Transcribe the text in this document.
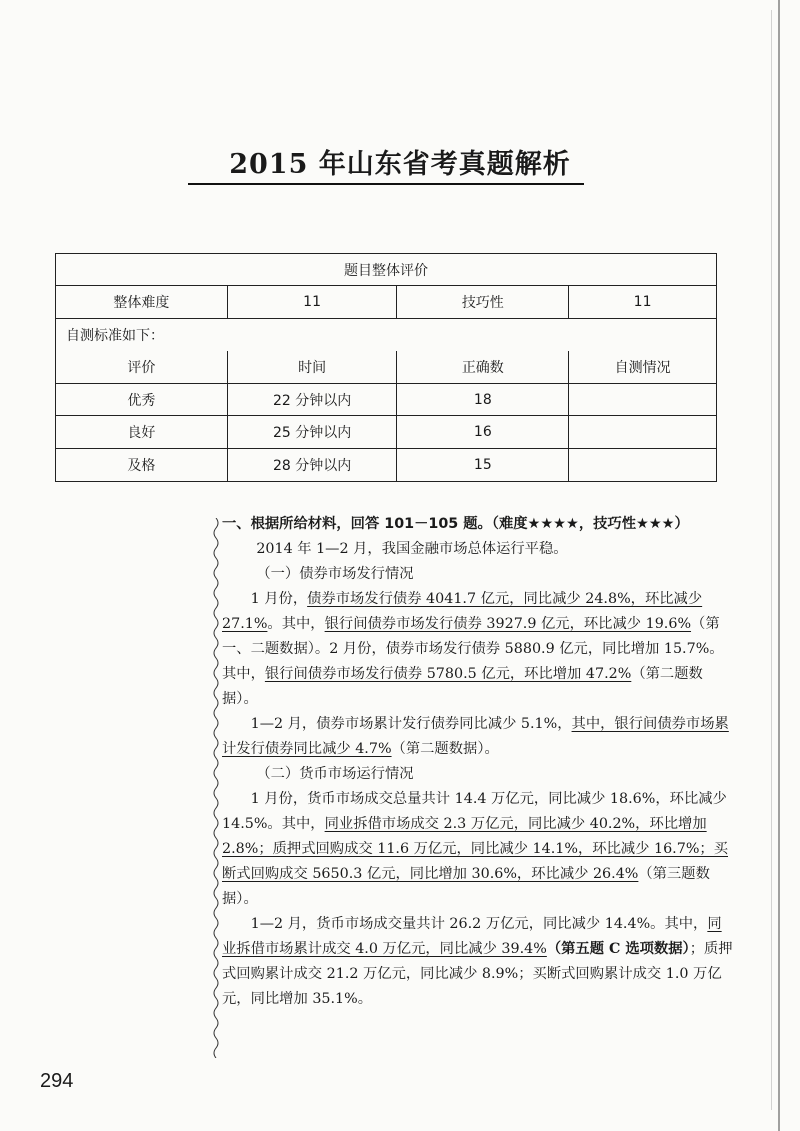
2015 年山东省考真题解析
题目整体评价			
整体难度	11	技巧性	11
自测标准如下：			
评价	时间	正确数	自测情况
优秀	22 分钟以内	18	
良好	25 分钟以内	16	
及格	28 分钟以内	15	

一、根据所给材料，回答 101－105 题。（难度★★★★，技巧性★★★）

2014 年 1—2 月，我国金融市场总体运行平稳。

（一）债券市场发行情况

1 月份，债券市场发行债券 4041.7 亿元，同比减少 24.8%，环比减少 27.1%。其中，银行间债券市场发行债券 3927.9 亿元，环比减少 19.6%（第一、二题数据）。2 月份，债券市场发行债券 5880.9 亿元，同比增加 15.7%。其中，银行间债券市场发行债券 5780.5 亿元，环比增加 47.2%（第二题数据）。

1—2 月，债券市场累计发行债券同比减少 5.1%，其中，银行间债券市场累计发行债券同比减少 4.7%（第二题数据）。

（二）货币市场运行情况

1 月份，货币市场成交总量共计 14.4 万亿元，同比减少 18.6%，环比减少 14.5%。其中，同业拆借市场成交 2.3 万亿元，同比减少 40.2%，环比增加 2.8%；质押式回购成交 11.6 万亿元，同比减少 14.1%，环比减少 16.7%；买断式回购成交 5650.3 亿元，同比增加 30.6%，环比减少 26.4%（第三题数据）。

1—2 月，货币市场成交量共计 26.2 万亿元，同比减少 14.4%。其中，同业拆借市场累计成交 4.0 万亿元，同比减少 39.4%（第五题 C 选项数据）；质押式回购累计成交 21.2 万亿元，同比减少 8.9%；买断式回购累计成交 1.0 万亿元，同比增加 35.1%。

294
